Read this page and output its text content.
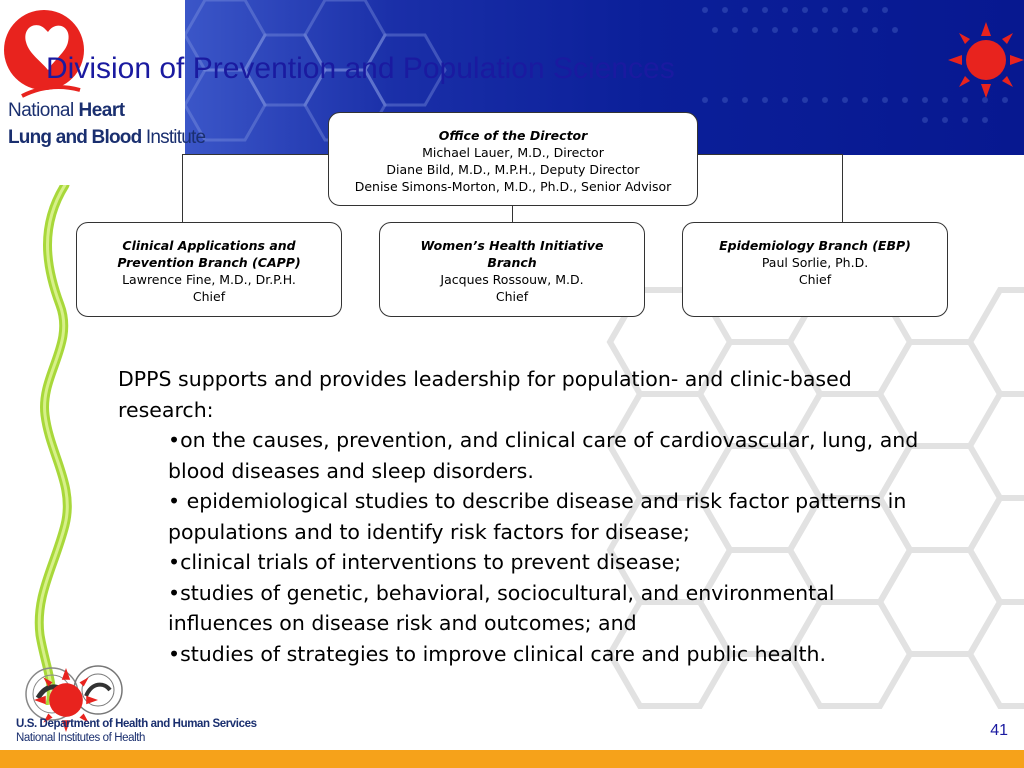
National Heart
Lung and Blood Institute
Division of Prevention and Population Sciences
Office of the Director
Michael Lauer, M.D., Director
Diane Bild, M.D., M.P.H., Deputy Director
Denise Simons-Morton, M.D., Ph.D., Senior Advisor
Clinical Applications and
Prevention Branch (CAPP)
Lawrence Fine, M.D., Dr.P.H.
Chief
Women’s Health Initiative
Branch
Jacques Rossouw, M.D.
Chief
Epidemiology Branch (EBP)
Paul Sorlie, Ph.D.
Chief
DPPS supports and provides leadership for population- and clinic-based research:
•on the causes, prevention, and clinical care of cardiovascular, lung, and blood diseases and sleep disorders.
• epidemiological studies to describe disease and risk factor patterns in populations and to identify risk factors for disease;
•clinical trials of interventions to prevent disease;
•studies of genetic, behavioral, sociocultural, and environmental influences on disease risk and outcomes; and
•studies of strategies to improve clinical care and public health.
U.S. Department of Health and Human Services
National Institutes of Health	41
